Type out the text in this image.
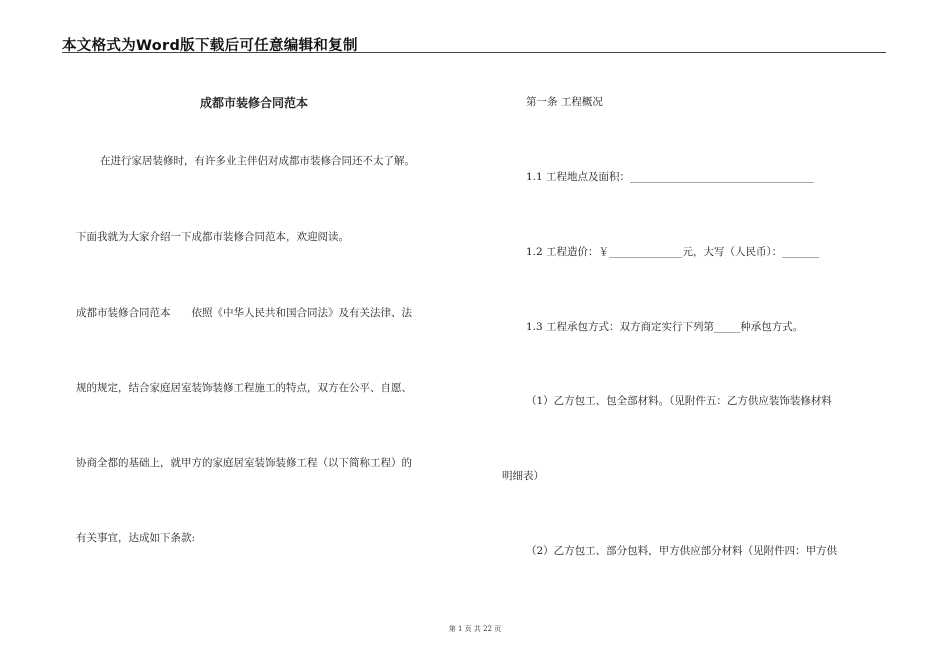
本文格式为Word版下载后可任意编辑和复制
成都市装修合同范本
在进行家居装修时，有许多业主伴侣对成都市装修合同还不太了解。
下面我就为大家介绍一下成都市装修合同范本，欢迎阅读。
成都市装修合同范本　　依照《中华人民共和国合同法》及有关法律、法
规的规定，结合家庭居室装饰装修工程施工的特点，双方在公平、自愿、
协商全都的基础上，就甲方的家庭居室装饰装修工程（以下简称工程）的
有关事宜，达成如下条款:
第一条 工程概况
1.1 工程地点及面积：___________________________________
1.2 工程造价：￥______________元，大写（人民币）：_______
1.3 工程承包方式：双方商定实行下列第_____种承包方式。
（1）乙方包工、包全部材料。（见附件五：乙方供应装饰装修材料
明细表）
（2）乙方包工、部分包料，甲方供应部分材料（见附件四：甲方供
第 1 页 共 22 页
